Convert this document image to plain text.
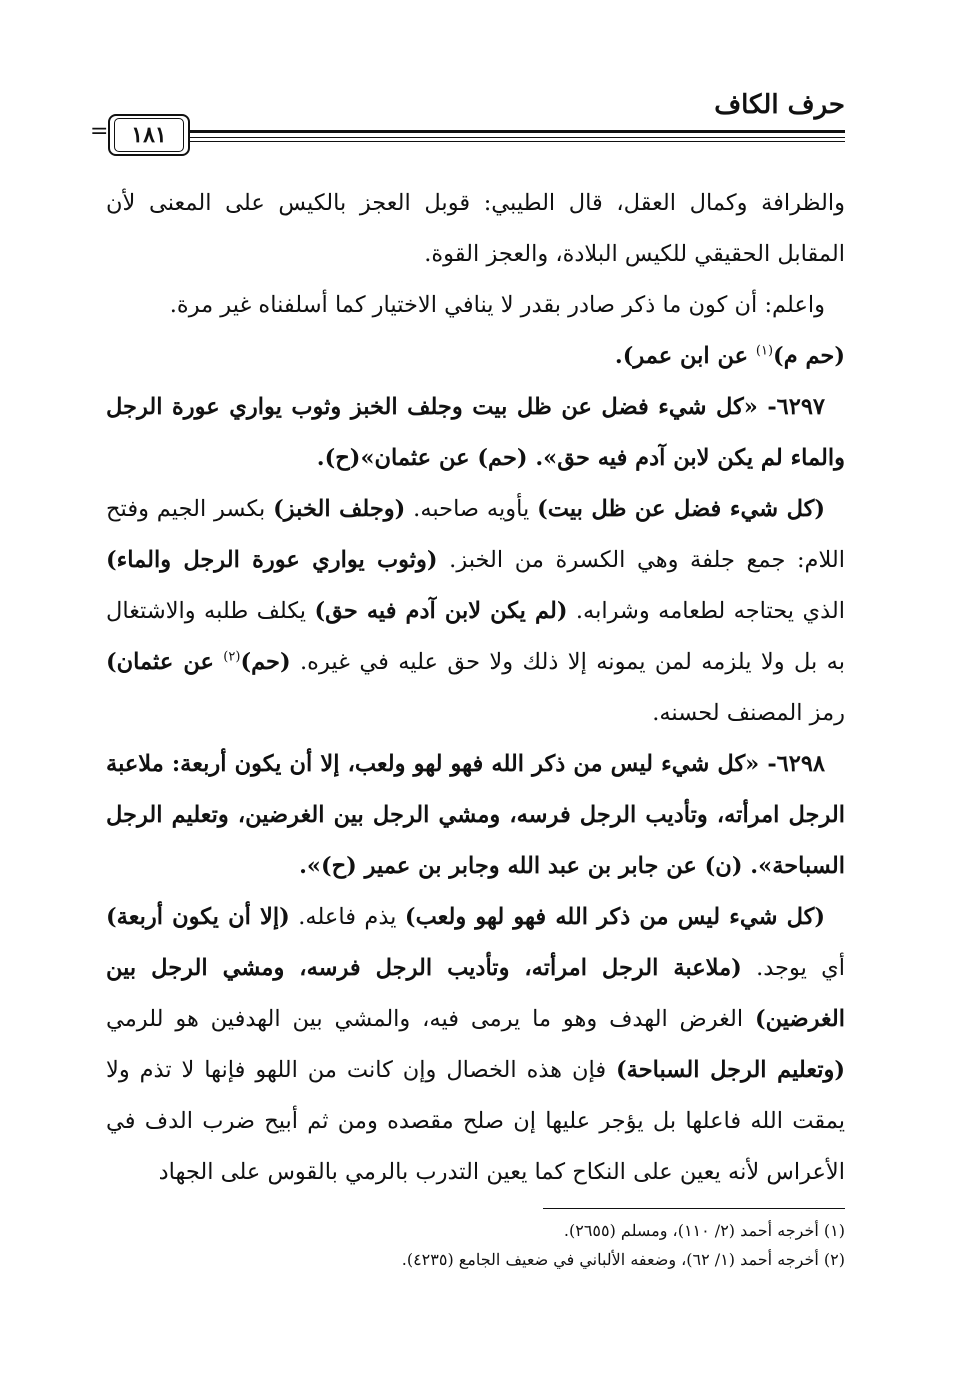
حرف الكاف
١٨١
=

والظرافة وكمال العقل، قال الطيبي: قوبل العجز بالكيس على المعنى لأن المقابل الحقيقي للكيس البلادة، والعجز القوة.

واعلم: أن كون ما ذكر صادر بقدر لا ينافي الاختيار كما أسلفناه غير مرة.
(حم م)$^{(١)}$ عن ابن عمر).

٦٢٩٧- «كل شيء فضل عن ظل بيت وجلف الخبز وثوب يواري عورة الرجل والماء لم يكن لابن آدم فيه حق». (حم) عن عثمان»(ح).

(كل شيء فضل عن ظل بيت) يأويه صاحبه. (وجلف الخبز) بكسر الجيم وفتح اللام: جمع جلفة وهي الكسرة من الخبز. (وثوب يواري عورة الرجل والماء) الذي يحتاجه لطعامه وشرابه. (لم يكن لابن آدم فيه حق) يكلف طلبه والاشتغال به بل ولا يلزمه لمن يمونه إلا ذلك ولا حق عليه في غيره. (حم)$^{(٢)}$ عن عثمان) رمز المصنف لحسنه.

٦٢٩٨- «كل شيء ليس من ذكر الله فهو لهو ولعب، إلا أن يكون أربعة: ملاعبة الرجل امرأته، وتأديب الرجل فرسه، ومشي الرجل بين الغرضين، وتعليم الرجل السباحة». (ن) عن جابر بن عبد الله وجابر بن عمير (ح)».

(كل شيء ليس من ذكر الله فهو لهو ولعب) يذم فاعله. (إلا أن يكون أربعة) أي يوجد. (ملاعبة الرجل امرأته، وتأديب الرجل فرسه، ومشي الرجل بين الغرضين) الغرض الهدف وهو ما يرمى فيه، والمشي بين الهدفين هو للرمي (وتعليم الرجل السباحة) فإن هذه الخصال وإن كانت من اللهو فإنها لا تذم ولا يمقت الله فاعلها بل يؤجر عليها إن صلح مقصده ومن ثم أبيح ضرب الدف في الأعراس لأنه يعين على النكاح كما يعين التدرب بالرمي بالقوس على الجهاد

(١) أخرجه أحمد (٢/ ١١٠)، ومسلم (٢٦٥٥).

(٢) أخرجه أحمد (١/ ٦٢)، وضعفه الألباني في ضعيف الجامع (٤٢٣٥).
